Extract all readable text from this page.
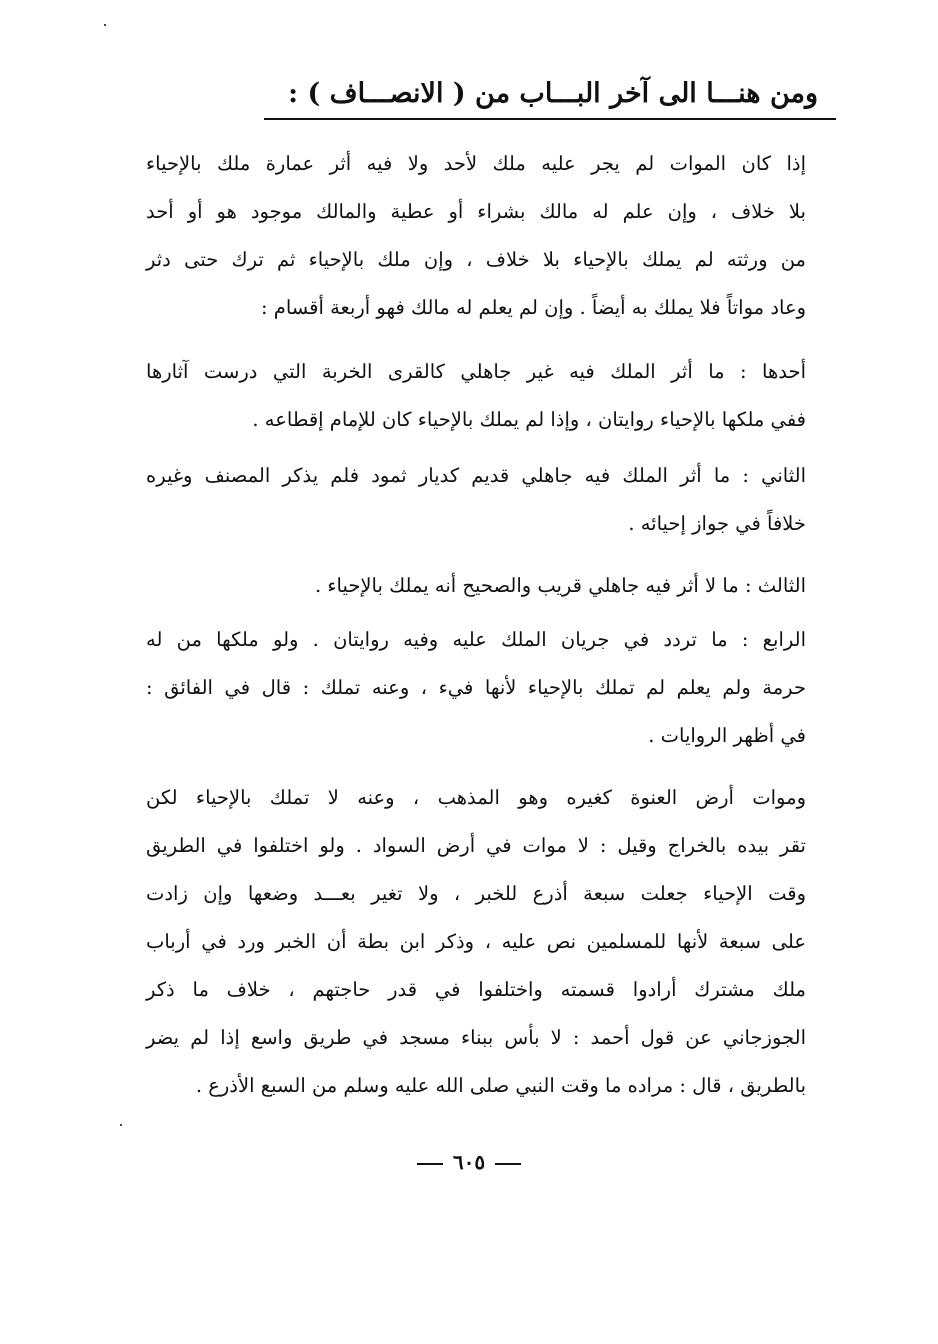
ومن هنـــا الى آخر البـــاب من ( الانصـــاف ) :

إذا كان الموات لم يجر عليه ملك لأحد ولا فيه أثر عمارة ملك بالإحياء
بلا خلاف ، وإن علم له مالك بشراء أو عطية والمالك موجود هو أو أحد
من ورثته لم يملك بالإحياء بلا خلاف ، وإن ملك بالإحياء ثم ترك حتى دثر
وعاد مواتاً فلا يملك به أيضاً . وإن لم يعلم له مالك فهو أربعة أقسام :

أحدها : ما أثر الملك فيه غير جاهلي كالقرى الخربة التي درست آثارها
ففي ملكها بالإحياء روايتان ، وإذا لم يملك بالإحياء كان للإمام إقطاعه .

الثاني : ما أثر الملك فيه جاهلي قديم كديار ثمود فلم يذكر المصنف وغيره
خلافاً في جواز إحيائه .

الثالث : ما لا أثر فيه جاهلي قريب والصحيح أنه يملك بالإحياء .

الرابع : ما تردد في جريان الملك عليه وفيه روايتان . ولو ملكها من له
حرمة ولم يعلم لم تملك بالإحياء لأنها فيء ، وعنه تملك : قال في الفائق :
في أظهر الروايات .

وموات أرض العنوة كغيره وهو المذهب ، وعنه لا تملك بالإحياء لكن
تقر بيده بالخراج وقيل : لا موات في أرض السواد . ولو اختلفوا في الطريق
وقت الإحياء جعلت سبعة أذرع للخبر ، ولا تغير بعـــد وضعها وإن زادت
على سبعة لأنها للمسلمين نص عليه ، وذكر ابن بطة أن الخبر ورد في أرباب
ملك مشترك أرادوا قسمته واختلفوا في قدر حاجتهم ، خلاف ما ذكر
الجوزجاني عن قول أحمد : لا بأس ببناء مسجد في طريق واسع إذا لم يضر
بالطريق ، قال : مراده ما وقت النبي صلى الله عليه وسلم من السبع الأذرع .

٦٠٥
